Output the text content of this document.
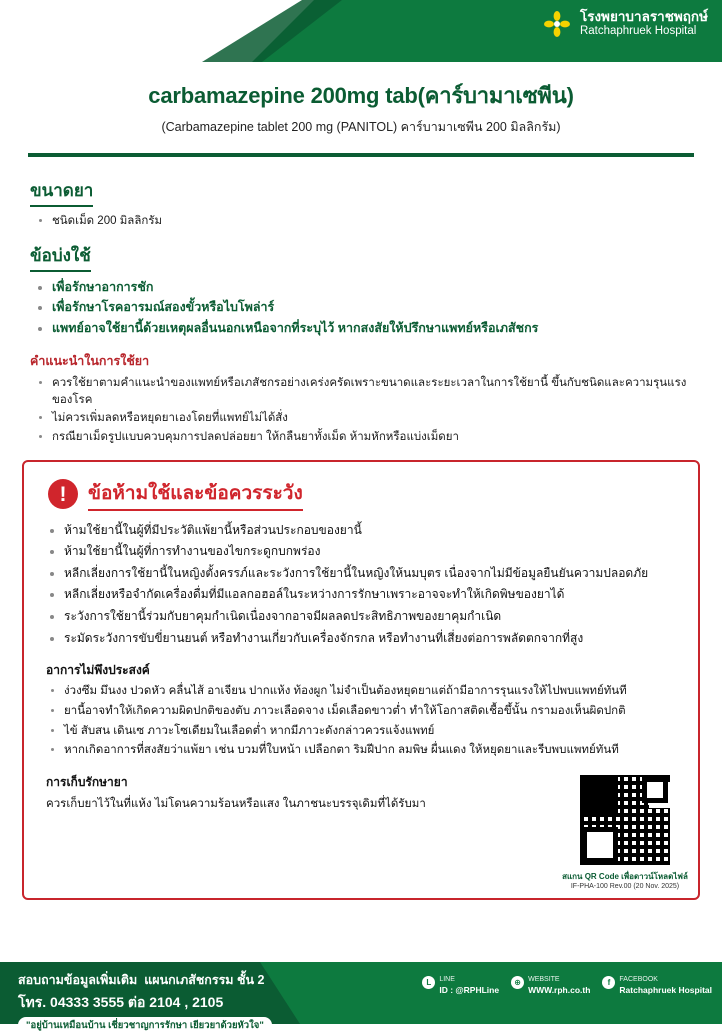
โรงพยาบาลราชพฤกษ์
Ratchaphruek Hospital
carbamazepine 200mg tab(คาร์บามาเซพีน)
(Carbamazepine tablet 200 mg (PANITOL) คาร์บามาเซพีน 200 มิลลิกรัม)
ขนาดยา
• ชนิดเม็ด 200 มิลลิกรัม
ข้อบ่งใช้
• เพื่อรักษาอาการชัก
• เพื่อรักษาโรคอารมณ์สองขั้วหรือไบโพล่าร์
• แพทย์อาจใช้ยานี้ด้วยเหตุผลอื่นนอกเหนือจากที่ระบุไว้ หากสงสัยให้ปรึกษาแพทย์หรือเภสัชกร
คำแนะนำในการใช้ยา
• ควรใช้ยาตามคำแนะนำของแพทย์หรือเภสัชกรอย่างเคร่งครัดเพราะขนาดและระยะเวลาในการใช้ยานี้ ขึ้นกับชนิดและความรุนแรงของโรค
• ไม่ควรเพิ่มลดหรือหยุดยาเองโดยที่แพทย์ไม่ได้สั่ง
• กรณียาเม็ดรูปแบบควบคุมการปลดปล่อยยา ให้กลืนยาทั้งเม็ด ห้ามหักหรือแบ่งเม็ดยา
!	ข้อห้ามใช้และข้อควรระวัง
• ห้ามใช้ยานี้ในผู้ที่มีประวัติแพ้ยานี้หรือส่วนประกอบของยานี้
• ห้ามใช้ยานี้ในผู้ที่การทำงานของไขกระดูกบกพร่อง
• หลีกเลี่ยงการใช้ยานี้ในหญิงตั้งครรภ์และระวังการใช้ยานี้ในหญิงให้นมบุตร เนื่องจากไม่มีข้อมูลยืนยันความปลอดภัย
• หลีกเลี่ยงหรือจำกัดเครื่องดื่มที่มีแอลกอฮอล์ในระหว่างการรักษาเพราะอาจจะทำให้เกิดพิษของยาได้
• ระวังการใช้ยานี้ร่วมกับยาคุมกำเนิดเนื่องจากอาจมีผลลดประสิทธิภาพของยาคุมกำเนิด
• ระมัดระวังการขับขี่ยานยนต์ หรือทำงานเกี่ยวกับเครื่องจักรกล หรือทำงานที่เสี่ยงต่อการพลัดตกจากที่สูง
อาการไม่พึงประสงค์
• ง่วงซึม มึนงง ปวดหัว คลื่นไส้ อาเจียน ปากแห้ง ท้องผูก ไม่จำเป็นต้องหยุดยาแต่ถ้ามีอาการรุนแรงให้ไปพบแพทย์ทันที
• ยานี้อาจทำให้เกิดความผิดปกติของตับ ภาวะเลือดจาง เม็ดเลือดขาวต่ำ ทำให้โอกาสติดเชื้อขึ้นั้น กรามองเห็นผิดปกติ
• ไข้ สับสน เดินเซ ภาวะโซเดียมในเลือดต่ำ หากมีภาวะดังกล่าวควรแจ้งแพทย์
• หากเกิดอาการที่สงสัยว่าแพ้ยา เช่น บวมที่ใบหน้า เปลือกตา ริมฝีปาก ลมพิษ ผื่นแดง ให้หยุดยาและรีบพบแพทย์ทันที
การเก็บรักษายา
ควรเก็บยาไว้ในที่แห้ง ไม่โดนความร้อนหรือแสง ในภาชนะบรรจุเดิมที่ได้รับมา
สแกน QR Code เพื่อดาวน์โหลดไฟล์
IF-PHA-100 Rev.00 (20 Nov. 2025)
สอบถามข้อมูลเพิ่มเติม แผนกเภสัชกรรม ชั้น 2
โทร. 04333 3555 ต่อ 2104 , 2105
"อยู่บ้านเหมือนบ้าน เชี่ยวชาญการรักษา เยียวยาด้วยหัวใจ"
L	LINE
ID : @RPHLine
⊕	WEBSITE
WWW.rph.co.th
f	FACEBOOK
Ratchaphruek Hospital
